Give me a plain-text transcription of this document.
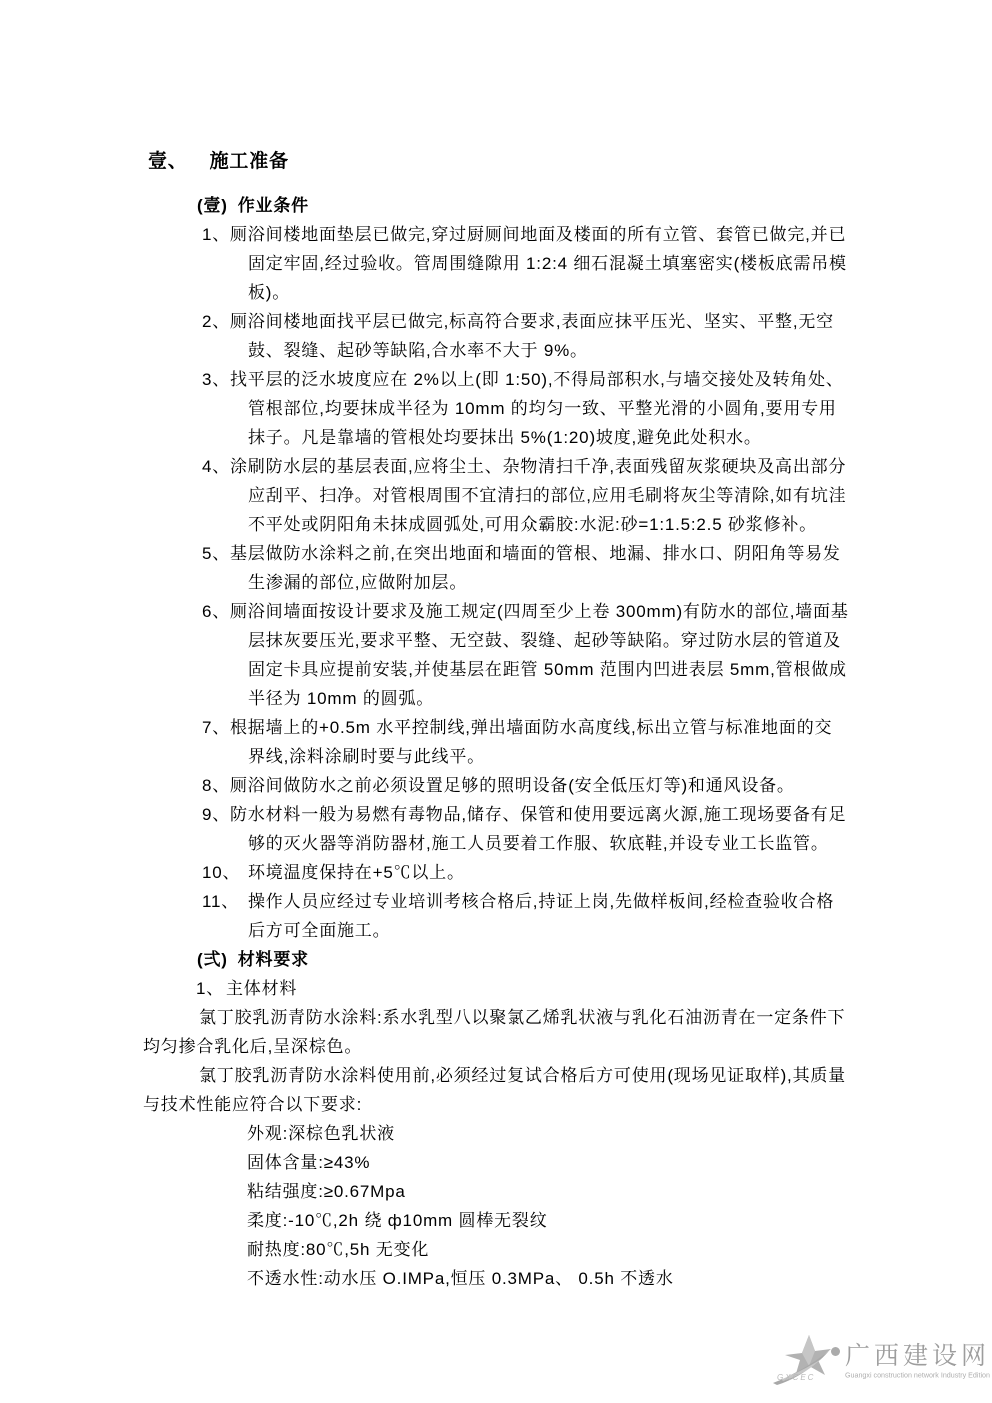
壹、 施工准备
(壹) 作业条件
1、厕浴间楼地面垫层已做完,穿过厨厕间地面及楼面的所有立管、套管已做完,并已固定牢固,经过验收。管周围缝隙用 1:2:4 细石混凝土填塞密实(楼板底需吊模板)。
2、厕浴间楼地面找平层已做完,标高符合要求,表面应抹平压光、坚实、平整,无空鼓、裂缝、起砂等缺陷,合水率不大于 9%。
3、找平层的泛水坡度应在 2%以上(即 1:50),不得局部积水,与墙交接处及转角处、管根部位,均要抹成半径为 10mm 的均匀一致、平整光滑的小圆角,要用专用抹子。凡是靠墙的管根处均要抹出 5%(1:20)坡度,避免此处积水。
4、涂刷防水层的基层表面,应将尘土、杂物清扫千净,表面残留灰浆硬块及高出部分应刮平、扫净。对管根周围不宜清扫的部位,应用毛刷将灰尘等清除,如有坑洼不平处或阴阳角未抹成圆弧处,可用众霸胶:水泥:砂=1:1.5:2.5 砂浆修补。
5、基层做防水涂料之前,在突出地面和墙面的管根、地漏、排水口、阴阳角等易发生渗漏的部位,应做附加层。
6、厕浴间墙面按设计要求及施工规定(四周至少上卷 300mm)有防水的部位,墙面基层抹灰要压光,要求平整、无空鼓、裂缝、起砂等缺陷。穿过防水层的管道及固定卡具应提前安装,并使基层在距管 50mm 范围内凹进表层 5mm,管根做成半径为 10mm 的圆弧。
7、根据墙上的+0.5m 水平控制线,弹出墙面防水高度线,标出立管与标准地面的交界线,涂料涂刷时要与此线平。
8、厕浴间做防水之前必须设置足够的照明设备(安全低压灯等)和通风设备。
9、防水材料一般为易燃有毒物品,储存、保管和使用要远离火源,施工现场要备有足够的灭火器等消防器材,施工人员要着工作服、软底鞋,并设专业工长监管。
10、 环境温度保持在+5℃以上。
11、 操作人员应经过专业培训考核合格后,持证上岗,先做样板间,经检查验收合格后方可全面施工。
(弍) 材料要求
1、 主体材料
氯丁胶乳沥青防水涂料:系水乳型八以聚氯乙烯乳状液与乳化石油沥青在一定条件下均匀掺合乳化后,呈深棕色。
氯丁胶乳沥青防水涂料使用前,必须经过复试合格后方可使用(现场见证取样),其质量与技术性能应符合以下要求:
外观:深棕色乳状液
固体含量:≥43%
粘结强度:≥0.67Mpa
柔度:-10℃,2h 绕 ф10mm 圆棒无裂纹
耐热度:80℃,5h 无变化
不透水性:动水压 O.IMPa,恒压 0.3MPa、 0.5h 不透水
GXCEC
广西建设网
Guangxi construction network Industry Edition
